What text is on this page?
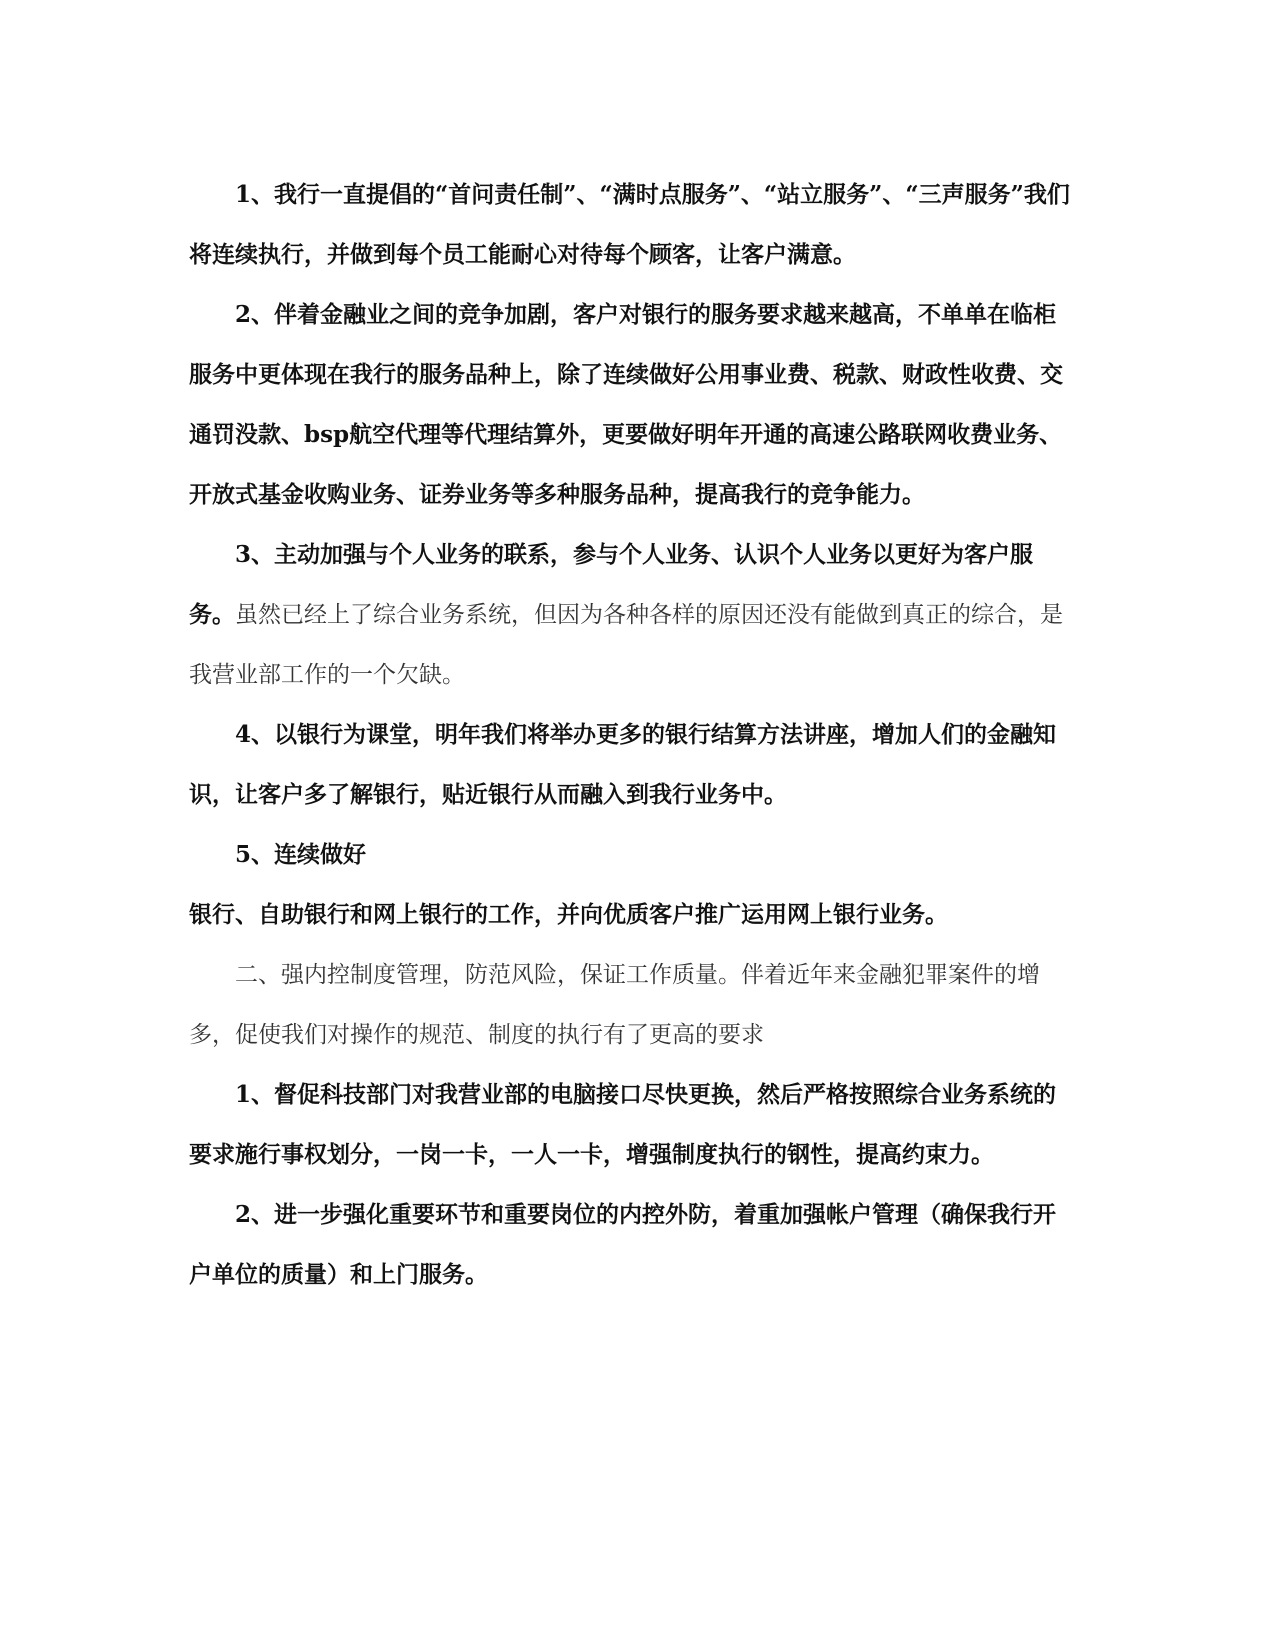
1、我行一直提倡的“首问责任制”、“满时点服务”、“站立服务”、“三声服务”我们将连续执行，并做到每个员工能耐心对待每个顾客，让客户满意。

2、伴着金融业之间的竞争加剧，客户对银行的服务要求越来越高，不单单在临柜服务中更体现在我行的服务品种上，除了连续做好公用事业费、税款、财政性收费、交通罚没款、bsp航空代理等代理结算外，更要做好明年开通的高速公路联网收费业务、开放式基金收购业务、证券业务等多种服务品种，提高我行的竞争能力。

3、主动加强与个人业务的联系，参与个人业务、认识个人业务以更好为客户服务。虽然已经上了综合业务系统，但因为各种各样的原因还没有能做到真正的综合，是我营业部工作的一个欠缺。

4、以银行为课堂，明年我们将举办更多的银行结算方法讲座，增加人们的金融知识，让客户多了解银行，贴近银行从而融入到我行业务中。

5、连续做好

银行、自助银行和网上银行的工作，并向优质客户推广运用网上银行业务。

二、强内控制度管理，防范风险，保证工作质量。伴着近年来金融犯罪案件的增多，促使我们对操作的规范、制度的执行有了更高的要求

1、督促科技部门对我营业部的电脑接口尽快更换，然后严格按照综合业务系统的要求施行事权划分，一岗一卡，一人一卡，增强制度执行的钢性，提高约束力。

2、进一步强化重要环节和重要岗位的内控外防，着重加强帐户管理（确保我行开户单位的质量）和上门服务。
